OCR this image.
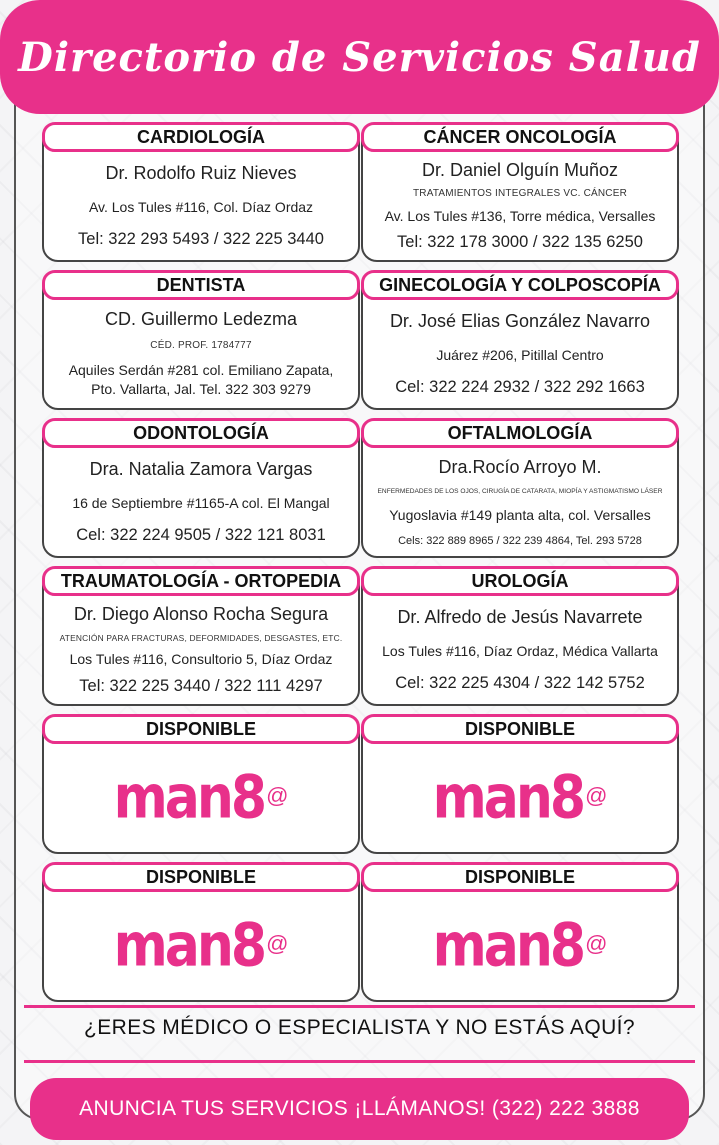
Directorio de Servicios Salud
CARDIOLOGÍA
Dr. Rodolfo Ruiz Nieves
Av. Los Tules #116, Col. Díaz Ordaz
Tel: 322 293 5493 / 322 225 3440
CÁNCER ONCOLOGÍA
Dr. Daniel Olguín Muñoz
TRATAMIENTOS INTEGRALES VC. CÁNCER
Av. Los Tules #136, Torre médica, Versalles
Tel: 322 178 3000 / 322 135 6250
DENTISTA
CD. Guillermo Ledezma
CÉD. PROF. 1784777
Aquiles Serdán #281 col. Emiliano Zapata,
Pto. Vallarta, Jal. Tel. 322 303 9279
GINECOLOGÍA Y COLPOSCOPÍA
Dr. José Elias González Navarro
Juárez #206, Pitillal Centro
Cel: 322 224 2932 / 322 292 1663
ODONTOLOGÍA
Dra. Natalia Zamora Vargas
16 de Septiembre #1165-A col. El Mangal
Cel: 322 224 9505 / 322 121 8031
OFTALMOLOGÍA
Dra.Rocío Arroyo M.
ENFERMEDADES DE LOS OJOS, CIRUGÍA DE CATARATA, MIOPÍA Y ASTIGMATISMO LÁSER
Yugoslavia #149 planta alta, col. Versalles
Cels: 322 889 8965 / 322 239 4864, Tel. 293 5728
TRAUMATOLOGÍA - ORTOPEDIA
Dr. Diego Alonso Rocha Segura
ATENCIÓN PARA FRACTURAS, DEFORMIDADES, DESGASTES, ETC.
Los Tules #116, Consultorio 5, Díaz Ordaz
Tel: 322 225 3440 / 322 111 4297
UROLOGÍA
Dr. Alfredo de Jesús Navarrete
Los Tules #116, Díaz Ordaz, Médica Vallarta
Cel: 322 225 4304 / 322 142 5752
DISPONIBLE
man8 @
DISPONIBLE
man8 @
DISPONIBLE
man8 @
DISPONIBLE
man8 @
¿ERES MÉDICO O ESPECIALISTA Y NO ESTÁS AQUÍ?
ANUNCIA TUS SERVICIOS ¡LLÁMANOS! (322) 222 3888
